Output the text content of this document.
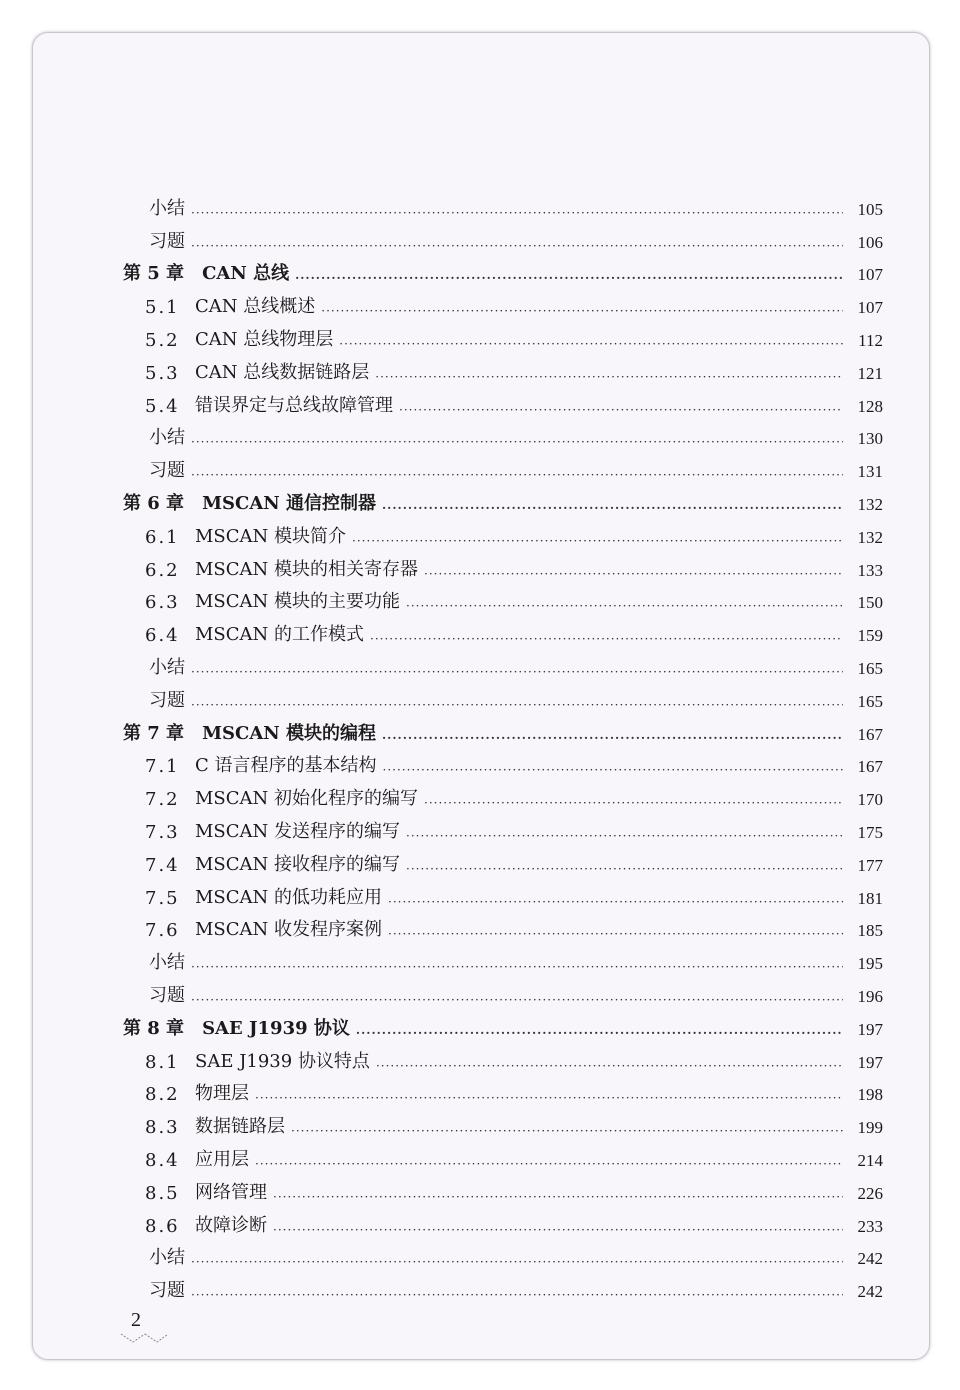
小结 ·····	105
习题 ·····	106
第 5 章 CAN 总线 ·····	107
5.1 CAN 总线概述 ·····	107
5.2 CAN 总线物理层 ·····	112
5.3 CAN 总线数据链路层 ·····	121
5.4 错误界定与总线故障管理 ·····	128
小结 ·····	130
习题 ·····	131
第 6 章 MSCAN 通信控制器 ·····	132
6.1 MSCAN 模块简介 ·····	132
6.2 MSCAN 模块的相关寄存器 ·····	133
6.3 MSCAN 模块的主要功能 ·····	150
6.4 MSCAN 的工作模式 ·····	159
小结 ·····	165
习题 ·····	165
第 7 章 MSCAN 模块的编程 ·····	167
7.1 C 语言程序的基本结构 ·····	167
7.2 MSCAN 初始化程序的编写 ·····	170
7.3 MSCAN 发送程序的编写 ·····	175
7.4 MSCAN 接收程序的编写 ·····	177
7.5 MSCAN 的低功耗应用 ·····	181
7.6 MSCAN 收发程序案例 ·····	185
小结 ·····	195
习题 ·····	196
第 8 章 SAE J1939 协议 ·····	197
8.1 SAE J1939 协议特点 ·····	197
8.2 物理层 ·····	198
8.3 数据链路层 ·····	199
8.4 应用层 ·····	214
8.5 网络管理 ·····	226
8.6 故障诊断 ·····	233
小结 ·····	242
习题 ·····	242
2
